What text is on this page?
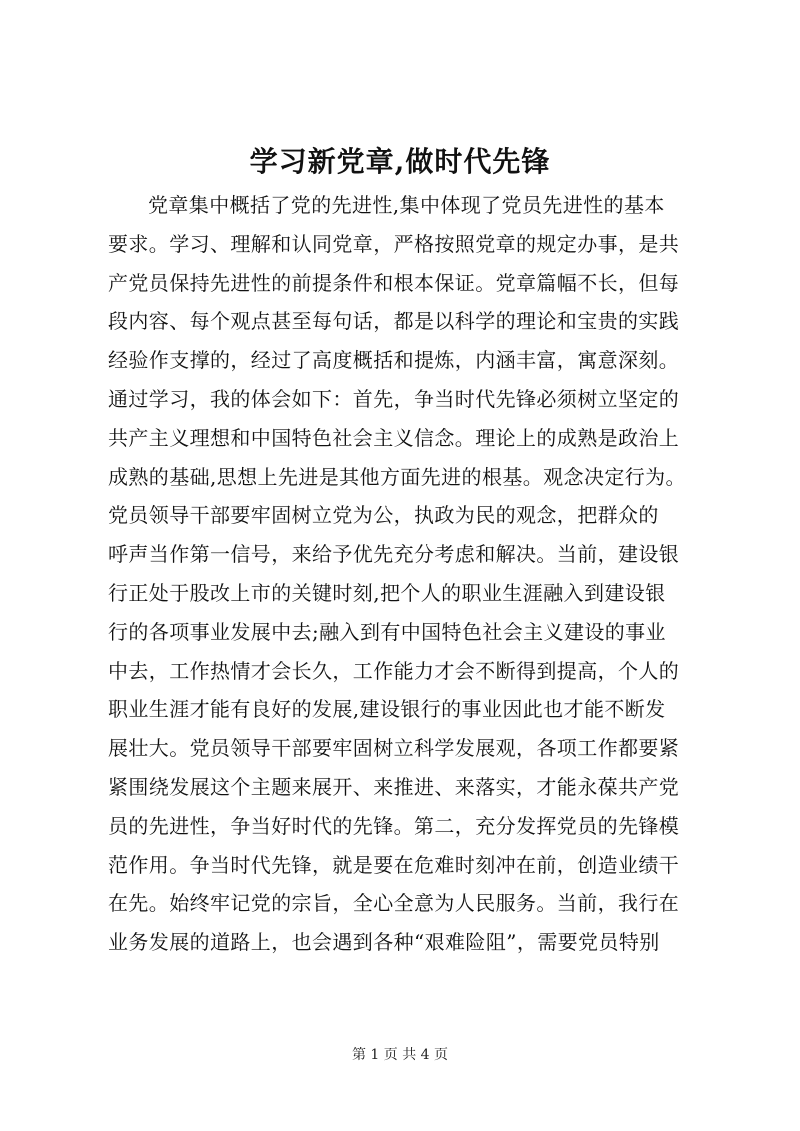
学习新党章,做时代先锋
党章集中概括了党的先进性,集中体现了党员先进性的基本
要求。学习、理解和认同党章，严格按照党章的规定办事，是共
产党员保持先进性的前提条件和根本保证。党章篇幅不长，但每
段内容、每个观点甚至每句话，都是以科学的理论和宝贵的实践
经验作支撑的，经过了高度概括和提炼，内涵丰富，寓意深刻。
通过学习，我的体会如下：首先，争当时代先锋必须树立坚定的
共产主义理想和中国特色社会主义信念。理论上的成熟是政治上
成熟的基础,思想上先进是其他方面先进的根基。观念决定行为。
党员领导干部要牢固树立党为公，执政为民的观念，把群众的
呼声当作第一信号，来给予优先充分考虑和解决。当前，建设银
行正处于股改上市的关键时刻,把个人的职业生涯融入到建设银
行的各项事业发展中去;融入到有中国特色社会主义建设的事业
中去，工作热情才会长久，工作能力才会不断得到提高，个人的
职业生涯才能有良好的发展,建设银行的事业因此也才能不断发
展壮大。党员领导干部要牢固树立科学发展观，各项工作都要紧
紧围绕发展这个主题来展开、来推进、来落实，才能永葆共产党
员的先进性，争当好时代的先锋。第二，充分发挥党员的先锋模
范作用。争当时代先锋，就是要在危难时刻冲在前，创造业绩干
在先。始终牢记党的宗旨，全心全意为人民服务。当前，我行在
业务发展的道路上，也会遇到各种“艰难险阻”，需要党员特别
第 1 页 共 4 页
